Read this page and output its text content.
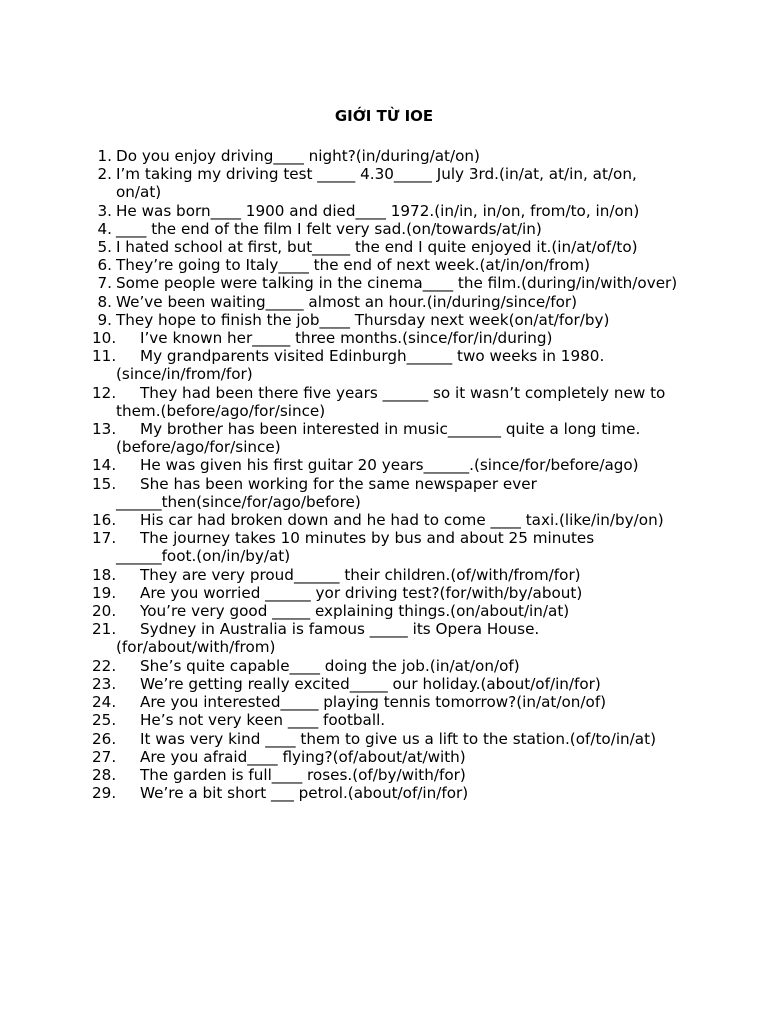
GIỚI TỪ IOE
1. Do you enjoy driving____ night?(in/during/at/on)
2. I’m taking my driving test _____ 4.30_____ July 3rd.(in/at, at/in, at/on, on/at)
3. He was born____ 1900 and died____ 1972.(in/in, in/on, from/to, in/on)
4. ____ the end of the film I felt very sad.(on/towards/at/in)
5. I hated school at first, but_____ the end I quite enjoyed it.(in/at/of/to)
6. They’re going to Italy____ the end of next week.(at/in/on/from)
7. Some people were talking in the cinema____ the film.(during/in/with/over)
8. We’ve been waiting_____ almost an hour.(in/during/since/for)
9. They hope to finish the job____ Thursday next week(on/at/for/by)
10.	I’ve known her_____ three months.(since/for/in/during)
11.	My grandparents visited Edinburgh______ two weeks in 1980.(since/in/from/for)
12.	They had been there five years ______ so it wasn’t completely new to them.(before/ago/for/since)
13.	My brother has been interested in music_______ quite a long time.(before/ago/for/since)
14.	He was given his first guitar 20 years______.(since/for/before/ago)
15.	She has been working for the same newspaper ever ______then(since/for/ago/before)
16.	His car had broken down and he had to come ____ taxi.(like/in/by/on)
17.	The journey takes 10 minutes by bus and about 25 minutes ______foot.(on/in/by/at)
18.	They are very proud______ their children.(of/with/from/for)
19.	Are you worried ______ yor driving test?(for/with/by/about)
20.	You’re very good _____ explaining things.(on/about/in/at)
21.	Sydney in Australia is famous _____ its Opera House.(for/about/with/from)
22.	She’s quite capable____ doing the job.(in/at/on/of)
23.	We’re getting really excited_____ our holiday.(about/of/in/for)
24.	Are you interested_____ playing tennis tomorrow?(in/at/on/of)
25.	He’s not very keen ____ football.
26.	It was very kind ____ them to give us a lift to the station.(of/to/in/at)
27.	Are you afraid____ flying?(of/about/at/with)
28.	The garden is full____ roses.(of/by/with/for)
29.	We’re a bit short ___ petrol.(about/of/in/for)
